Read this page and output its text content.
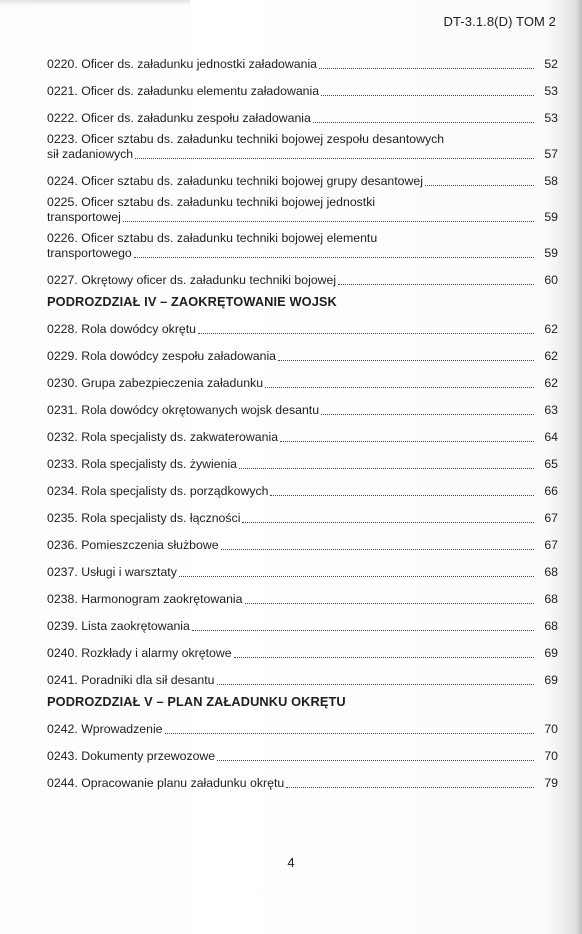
DT-3.1.8(D) TOM 2
0220. Oficer ds. załadunku jednostki załadowania	52
0221. Oficer ds. załadunku elementu załadowania	53
0222. Oficer ds. załadunku zespołu załadowania	53
0223. Oficer sztabu ds. załadunku techniki bojowej zespołu desantowych
sił zadaniowych	57
0224. Oficer sztabu ds. załadunku techniki bojowej grupy desantowej	58
0225. Oficer sztabu ds. załadunku techniki bojowej jednostki
transportowej	59
0226. Oficer sztabu ds. załadunku techniki bojowej elementu
transportowego	59
0227. Okrętowy oficer ds. załadunku techniki bojowej	60
PODROZDZIAŁ IV – ZAOKRĘTOWANIE WOJSK
0228. Rola dowódcy okrętu	62
0229. Rola dowódcy zespołu załadowania	62
0230. Grupa zabezpieczenia załadunku	62
0231. Rola dowódcy okrętowanych wojsk desantu	63
0232. Rola specjalisty ds. zakwaterowania	64
0233. Rola specjalisty ds. żywienia	65
0234. Rola specjalisty ds. porządkowych	66
0235. Rola specjalisty ds. łączności	67
0236. Pomieszczenia służbowe	67
0237. Usługi i warsztaty	68
0238. Harmonogram zaokrętowania	68
0239. Lista zaokrętowania	68
0240. Rozkłady i alarmy okrętowe	69
0241. Poradniki dla sił desantu	69
PODROZDZIAŁ V – PLAN ZAŁADUNKU OKRĘTU
0242. Wprowadzenie	70
0243. Dokumenty przewozowe	70
0244. Opracowanie planu załadunku okrętu	79
4
